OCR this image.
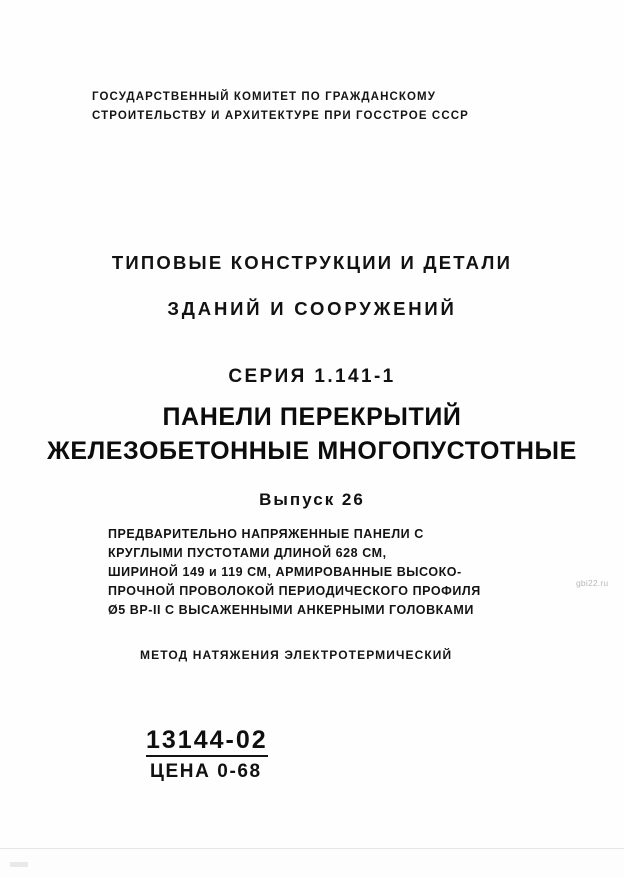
ГОСУДАРСТВЕННЫЙ КОМИТЕТ ПО ГРАЖДАНСКОМУ
СТРОИТЕЛЬСТВУ И АРХИТЕКТУРЕ ПРИ ГОССТРОЕ СССР
ТИПОВЫЕ КОНСТРУКЦИИ И ДЕТАЛИ
ЗДАНИЙ И СООРУЖЕНИЙ
СЕРИЯ 1.141-1
ПАНЕЛИ ПЕРЕКРЫТИЙ
ЖЕЛЕЗОБЕТОННЫЕ МНОГОПУСТОТНЫЕ
Выпуск 26
ПРЕДВАРИТЕЛЬНО НАПРЯЖЕННЫЕ ПАНЕЛИ С
КРУГЛЫМИ ПУСТОТАМИ ДЛИНОЙ 628 СМ,
ШИРИНОЙ 149 и 119 СМ, АРМИРОВАННЫЕ ВЫСОКО-
ПРОЧНОЙ ПРОВОЛОКОЙ ПЕРИОДИЧЕСКОГО ПРОФИЛЯ
Ø5 ВР-II С ВЫСАЖЕННЫМИ АНКЕРНЫМИ ГОЛОВКАМИ
МЕТОД НАТЯЖЕНИЯ ЭЛЕКТРОТЕРМИЧЕСКИЙ
13144-02
ЦЕНА 0-68
gbi22.ru
